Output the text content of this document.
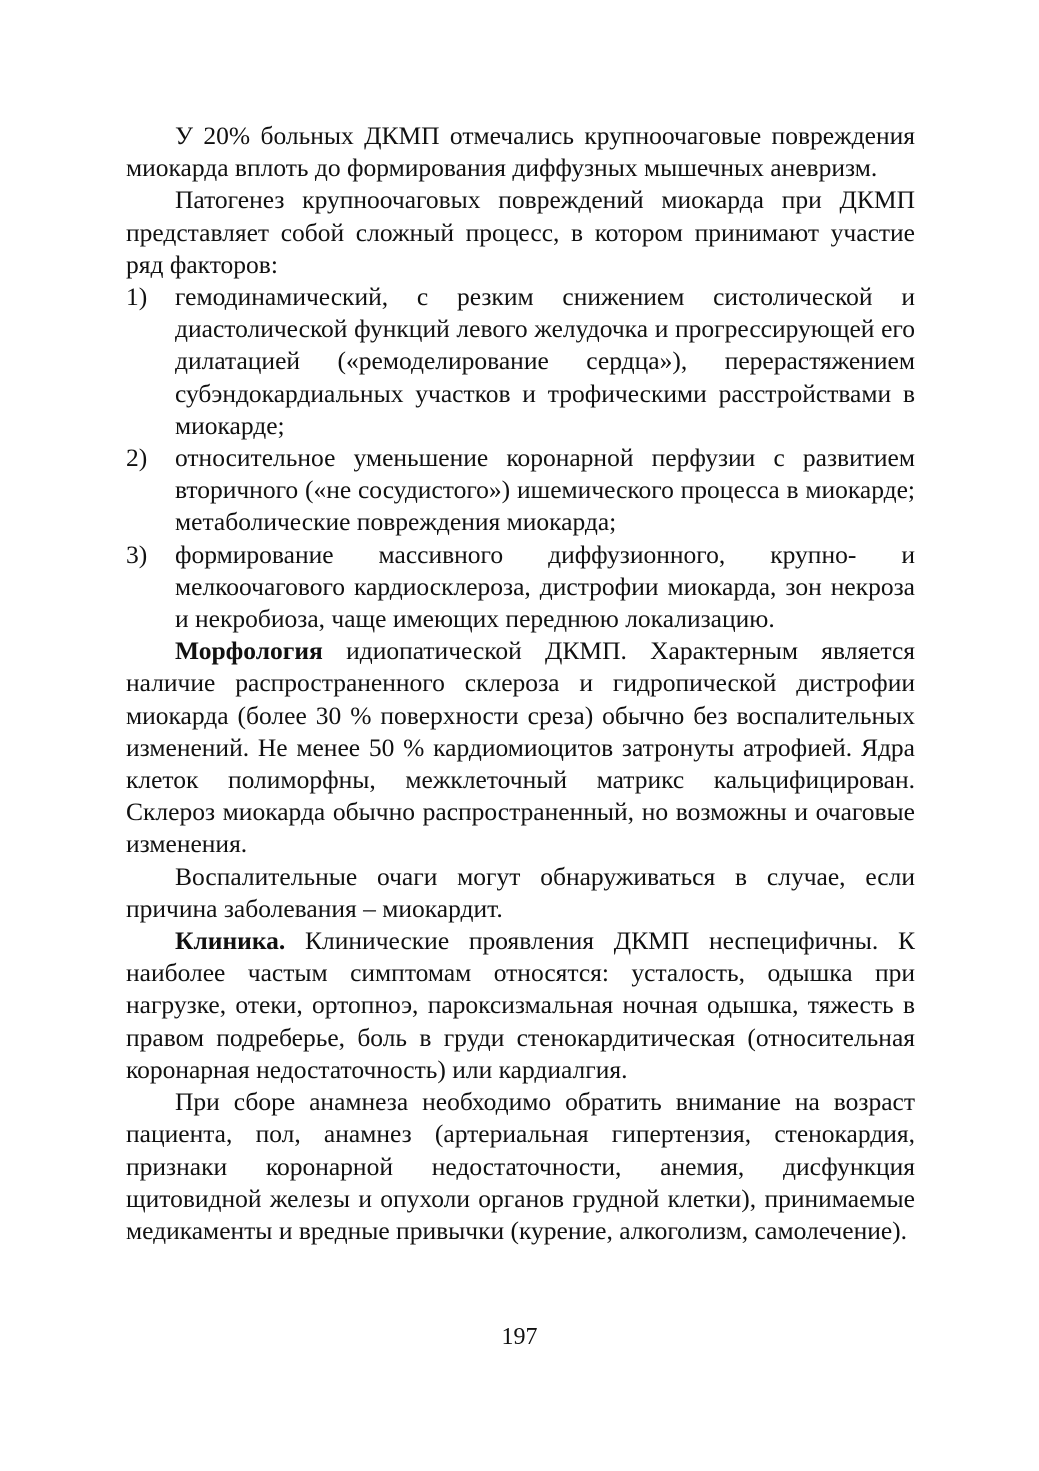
У 20% больных ДКМП отмечались крупноочаговые повреждения миокарда вплоть до формирования диффузных мышечных аневризм.

Патогенез крупноочаговых повреждений миокарда при ДКМП представляет собой сложный процесс, в котором принимают участие ряд факторов:

1) гемодинамический, с резким снижением систолической и диастолической функций левого желудочка и прогрессирующей его дилатацией («ремоделирование сердца»), перерастяжением субэндокардиальных участков и трофическими расстройствами в миокарде;
2) относительное уменьшение коронарной перфузии с развитием вторичного («не сосудистого») ишемического процесса в миокарде; метаболические повреждения миокарда;
3) формирование массивного диффузионного, крупно- и мелкоочагового кардиосклероза, дистрофии миокарда, зон некроза и некробиоза, чаще имеющих переднюю локализацию.

Морфология идиопатической ДКМП. Характерным является наличие распространенного склероза и гидропической дистрофии миокарда (более 30 % поверхности среза) обычно без воспалительных изменений. Не менее 50 % кардиомиоцитов затронуты атрофией. Ядра клеток полиморфны, межклеточный матрикс кальцифицирован. Склероз миокарда обычно распространенный, но возможны и очаговые изменения.

Воспалительные очаги могут обнаруживаться в случае, если причина заболевания – миокардит.

Клиника. Клинические проявления ДКМП неспецифичны. К наиболее частым симптомам относятся: усталость, одышка при нагрузке, отеки, ортопноэ, пароксизмальная ночная одышка, тяжесть в правом подреберье, боль в груди стенокардитическая (относительная коронарная недостаточность) или кардиалгия.

При сборе анамнеза необходимо обратить внимание на возраст пациента, пол, анамнез (артериальная гипертензия, стенокардия, признаки коронарной недостаточности, анемия, дисфункция щитовидной железы и опухоли органов грудной клетки), принимаемые медикаменты и вредные привычки (курение, алкоголизм, самолечение).

197
